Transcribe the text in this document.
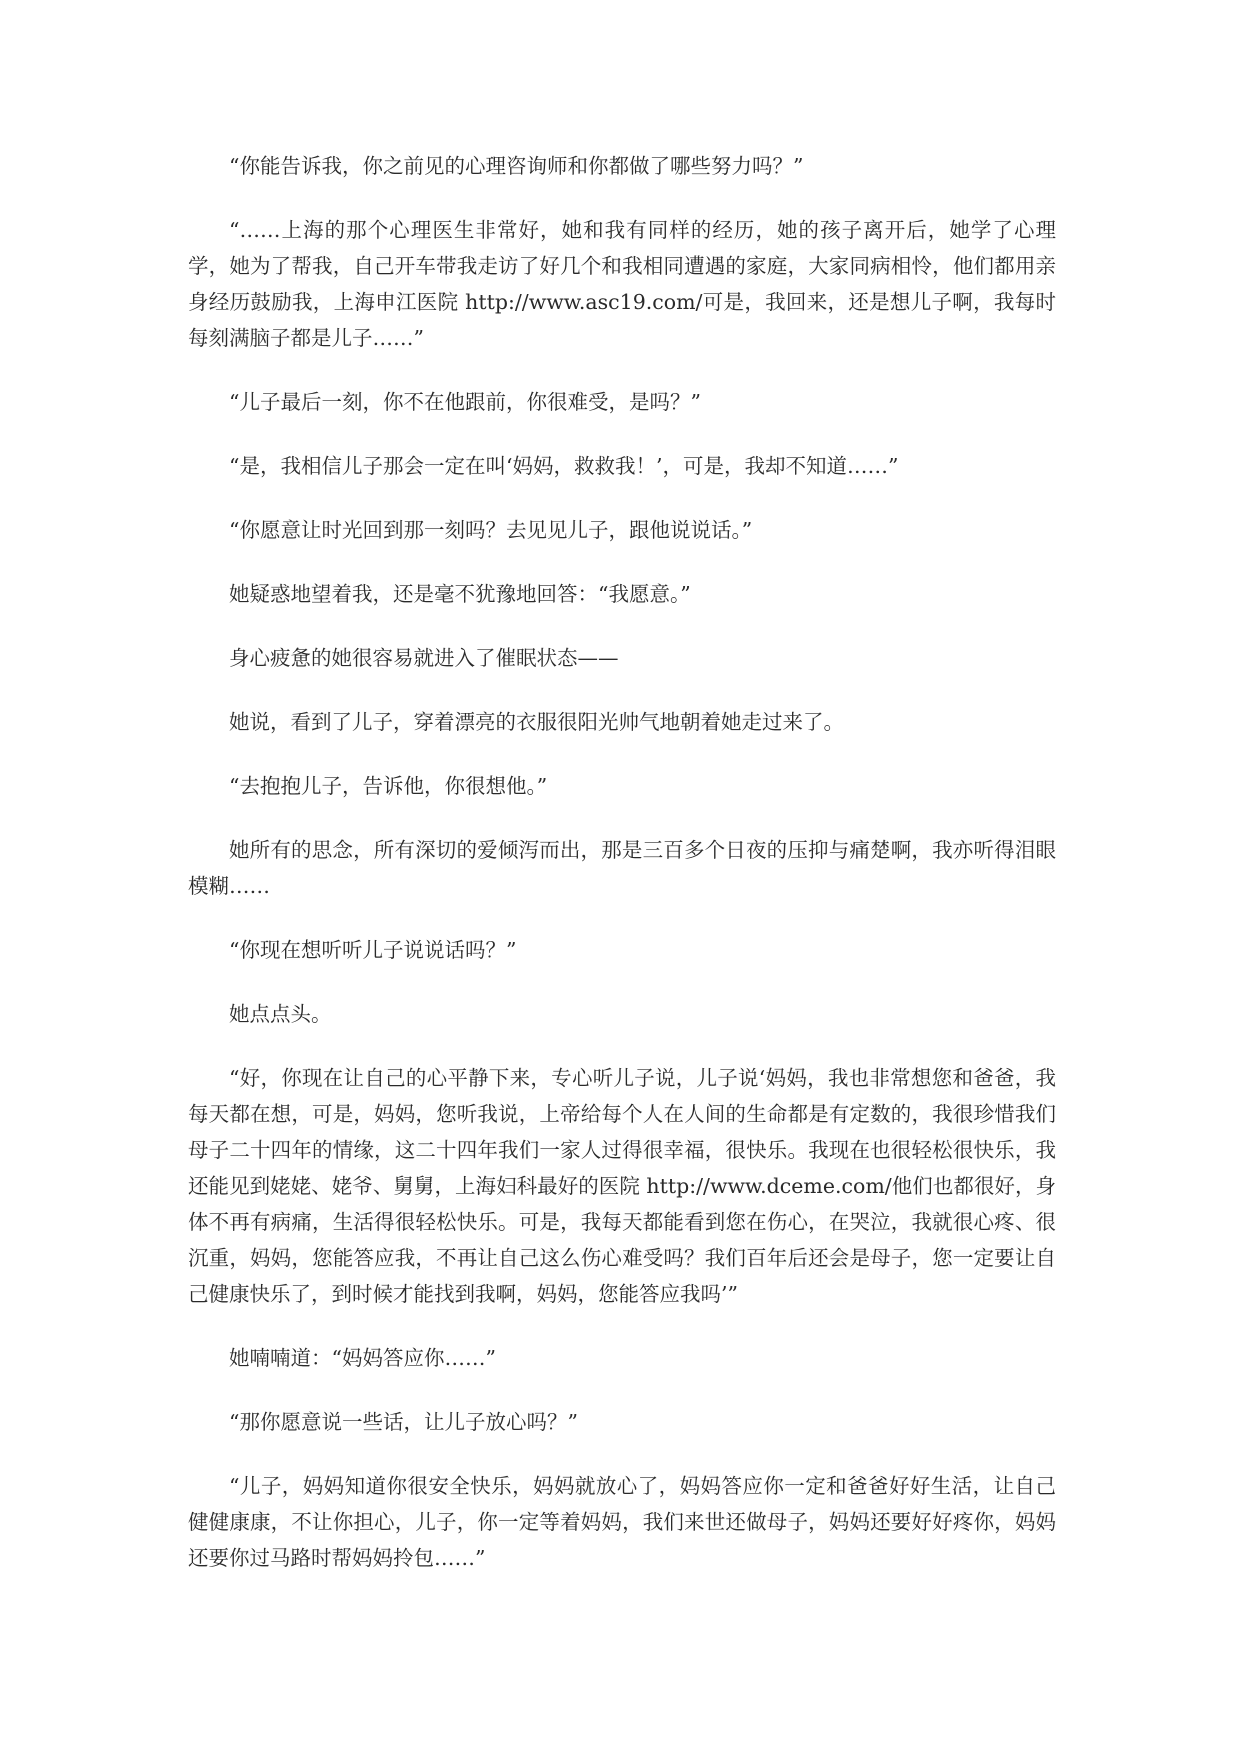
“你能告诉我，你之前见的心理咨询师和你都做了哪些努力吗？”

“……上海的那个心理医生非常好，她和我有同样的经历，她的孩子离开后，她学了心理学，她为了帮我，自己开车带我走访了好几个和我相同遭遇的家庭，大家同病相怜，他们都用亲身经历鼓励我，上海申江医院 http://www.asc19.com/可是，我回来，还是想儿子啊，我每时每刻满脑子都是儿子……”

“儿子最后一刻，你不在他跟前，你很难受，是吗？”

“是，我相信儿子那会一定在叫‘妈妈，救救我！’，可是，我却不知道……”

“你愿意让时光回到那一刻吗？去见见儿子，跟他说说话。”

她疑惑地望着我，还是毫不犹豫地回答：“我愿意。”

身心疲惫的她很容易就进入了催眠状态——

她说，看到了儿子，穿着漂亮的衣服很阳光帅气地朝着她走过来了。

“去抱抱儿子，告诉他，你很想他。”

她所有的思念，所有深切的爱倾泻而出，那是三百多个日夜的压抑与痛楚啊，我亦听得泪眼模糊……

“你现在想听听儿子说说话吗？”

她点点头。

“好，你现在让自己的心平静下来，专心听儿子说，儿子说‘妈妈，我也非常想您和爸爸，我每天都在想，可是，妈妈，您听我说，上帝给每个人在人间的生命都是有定数的，我很珍惜我们母子二十四年的情缘，这二十四年我们一家人过得很幸福，很快乐。我现在也很轻松很快乐，我还能见到姥姥、姥爷、舅舅，上海妇科最好的医院 http://www.dceme.com/他们也都很好，身体不再有病痛，生活得很轻松快乐。可是，我每天都能看到您在伤心，在哭泣，我就很心疼、很沉重，妈妈，您能答应我，不再让自己这么伤心难受吗？我们百年后还会是母子，您一定要让自己健康快乐了，到时候才能找到我啊，妈妈，您能答应我吗’”

她喃喃道：“妈妈答应你……”

“那你愿意说一些话，让儿子放心吗？”

“儿子，妈妈知道你很安全快乐，妈妈就放心了，妈妈答应你一定和爸爸好好生活，让自己健健康康，不让你担心，儿子，你一定等着妈妈，我们来世还做母子，妈妈还要好好疼你，妈妈还要你过马路时帮妈妈拎包……”
